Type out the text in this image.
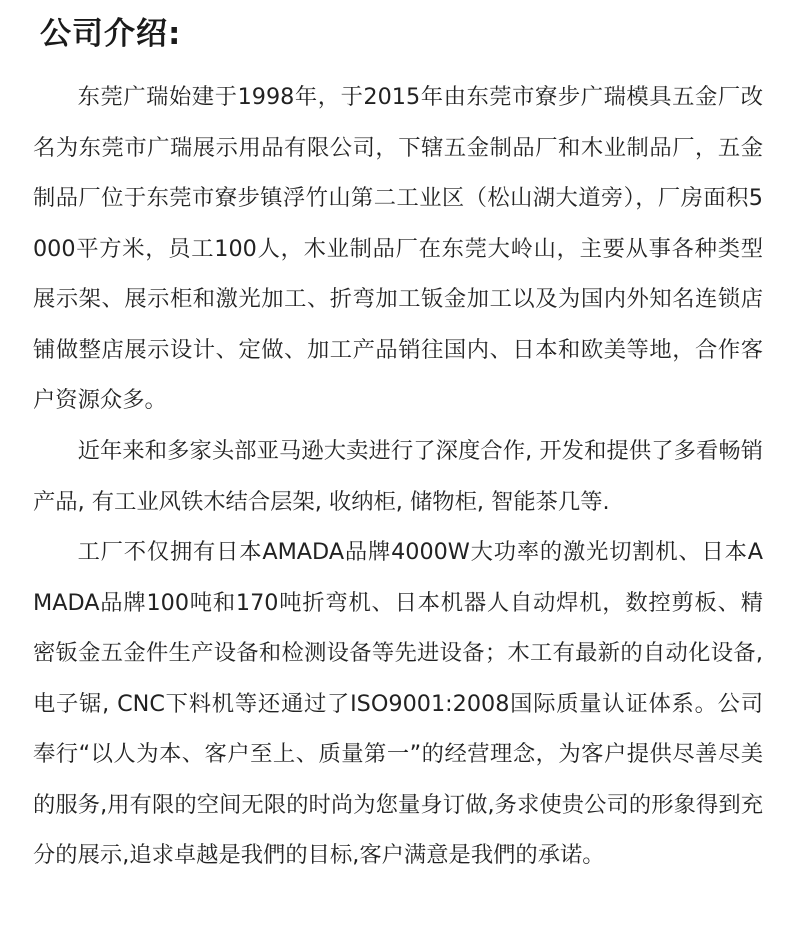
公司介绍:

东莞广瑞始建于1998年，于2015年由东莞市寮步广瑞模具五金厂改名为东莞市广瑞展示用品有限公司，下辖五金制品厂和木业制品厂，五金制品厂位于东莞市寮步镇浮竹山第二工业区（松山湖大道旁），厂房面积5000平方米，员工100人，木业制品厂在东莞大岭山，主要从事各种类型展示架、展示柜和激光加工、折弯加工钣金加工以及为国内外知名连锁店铺做整店展示设计、定做、加工产品销往国内、日本和欧美等地，合作客户资源众多。

近年来和多家头部亚马逊大卖进行了深度合作, 开发和提供了多看畅销产品, 有工业风铁木结合层架, 收纳柜, 储物柜, 智能茶几等.

工厂不仅拥有日本AMADA品牌4000W大功率的激光切割机、日本AMADA品牌100吨和170吨折弯机、日本机器人自动焊机，数控剪板、精密钣金五金件生产设备和检测设备等先进设备；木工有最新的自动化设备, 电子锯, CNC下料机等还通过了ISO9001:2008国际质量认证体系。公司奉行“以人为本、客户至上、质量第一”的经营理念，为客户提供尽善尽美的服务,用有限的空间无限的时尚为您量身订做,务求使贵公司的形象得到充分的展示,追求卓越是我們的目标,客户满意是我們的承诺。
